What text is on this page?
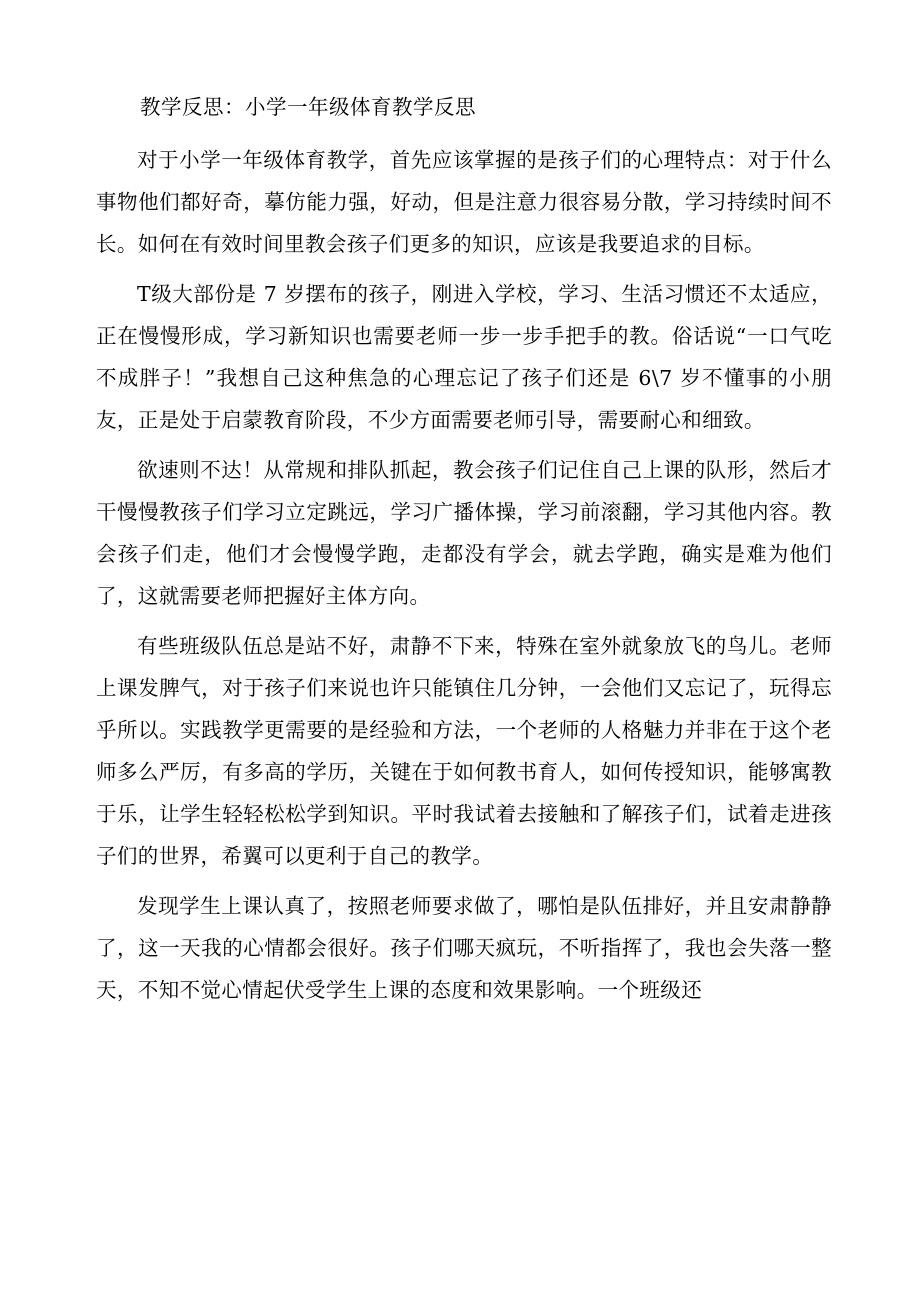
教学反思：小学一年级体育教学反思

对于小学一年级体育教学，首先应该掌握的是孩子们的心理特点：对于什么事物他们都好奇，摹仿能力强，好动，但是注意力很容易分散，学习持续时间不长。如何在有效时间里教会孩子们更多的知识，应该是我要追求的目标。

T级大部份是 7 岁摆布的孩子，刚进入学校，学习、生活习惯还不太适应，正在慢慢形成，学习新知识也需要老师一步一步手把手的教。俗话说“一口气吃不成胖子！”我想自己这种焦急的心理忘记了孩子们还是 6\7 岁不懂事的小朋友，正是处于启蒙教育阶段，不少方面需要老师引导，需要耐心和细致。

欲速则不达！从常规和排队抓起，教会孩子们记住自己上课的队形，然后才干慢慢教孩子们学习立定跳远，学习广播体操，学习前滚翻，学习其他内容。教会孩子们走，他们才会慢慢学跑，走都没有学会，就去学跑，确实是难为他们了，这就需要老师把握好主体方向。

有些班级队伍总是站不好，肃静不下来，特殊在室外就象放飞的鸟儿。老师上课发脾气，对于孩子们来说也许只能镇住几分钟，一会他们又忘记了，玩得忘乎所以。实践教学更需要的是经验和方法，一个老师的人格魅力并非在于这个老师多么严厉，有多高的学历，关键在于如何教书育人，如何传授知识，能够寓教于乐，让学生轻轻松松学到知识。平时我试着去接触和了解孩子们，试着走进孩子们的世界，希翼可以更利于自己的教学。

发现学生上课认真了，按照老师要求做了，哪怕是队伍排好，并且安肃静静了，这一天我的心情都会很好。孩子们哪天疯玩，不听指挥了，我也会失落一整天，不知不觉心情起伏受学生上课的态度和效果影响。一个班级还
